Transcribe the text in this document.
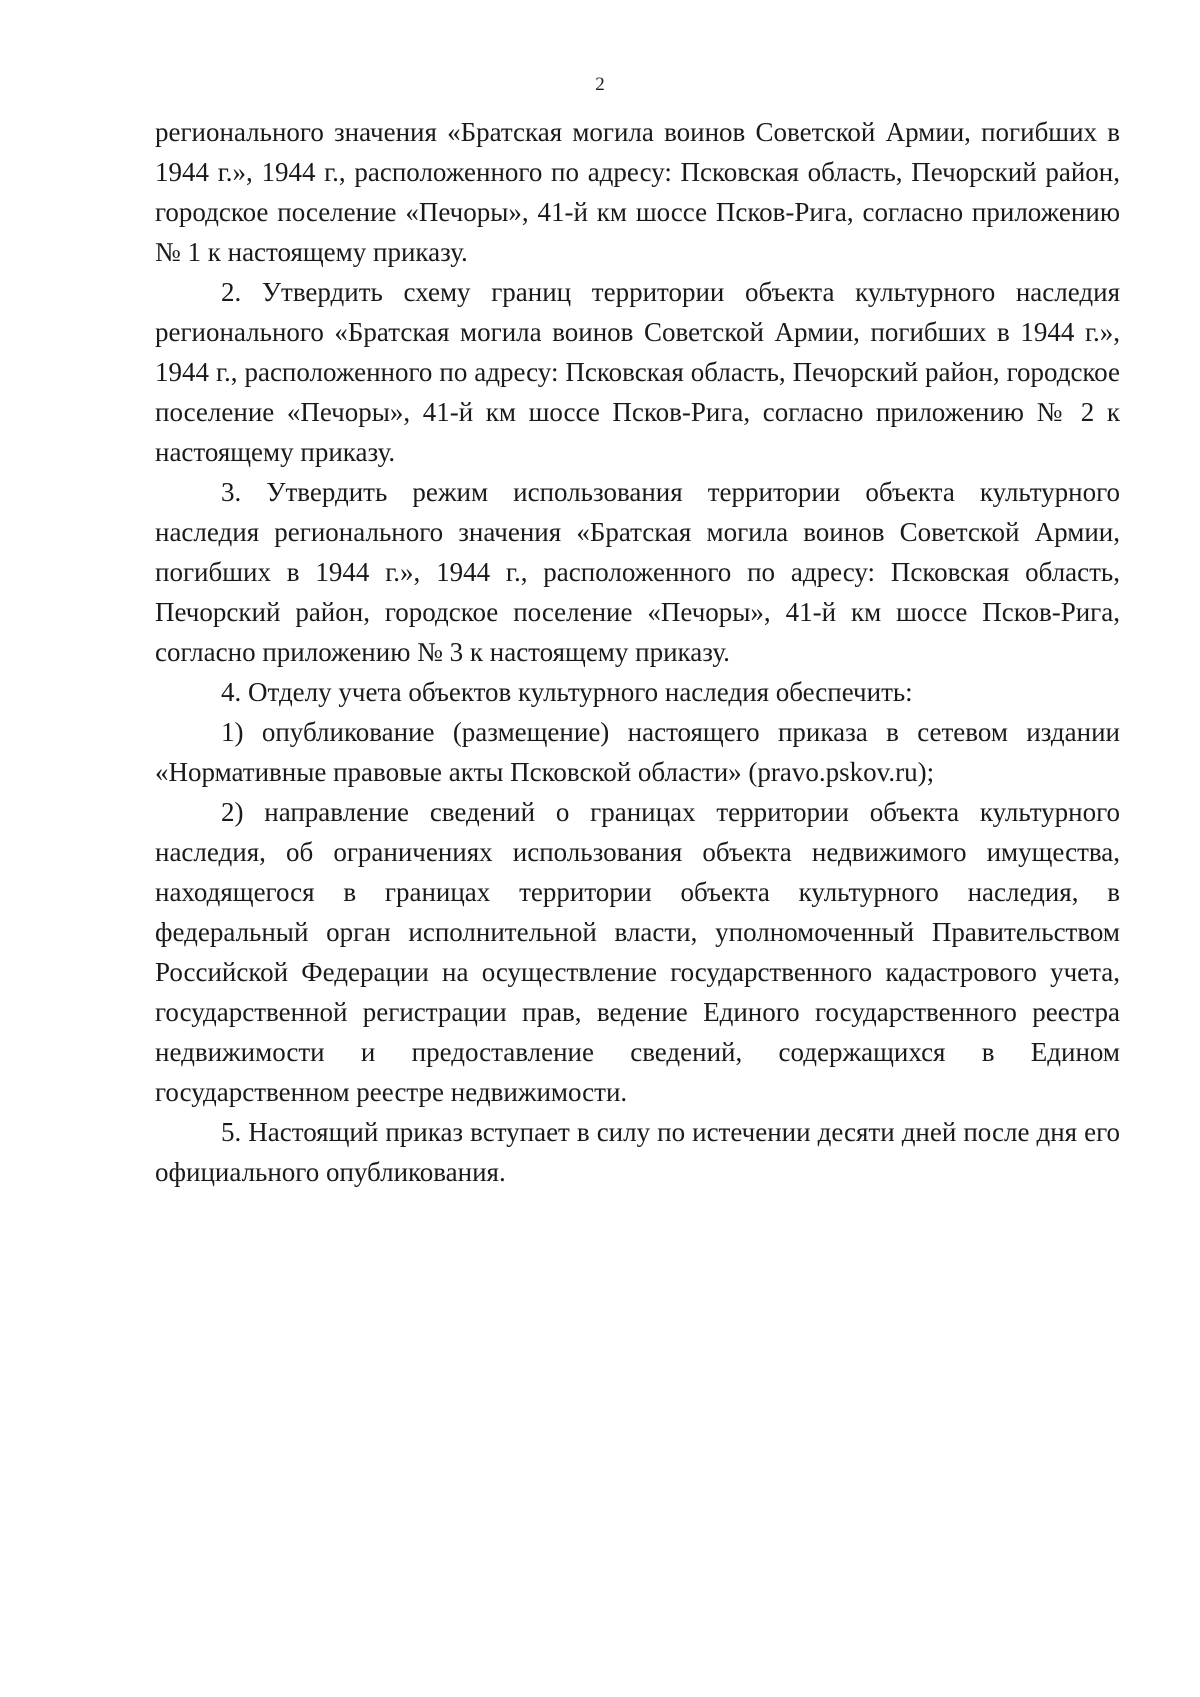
2

регионального значения «Братская могила воинов Советской Армии, погибших в 1944 г.», 1944 г., расположенного по адресу: Псковская область, Печорский район, городское поселение «Печоры», 41-й км шоссе Псков-Рига, согласно приложению № 1 к настоящему приказу.

2. Утвердить схему границ территории объекта культурного наследия регионального «Братская могила воинов Советской Армии, погибших в 1944 г.», 1944 г., расположенного по адресу: Псковская область, Печорский район, городское поселение «Печоры», 41-й км шоссе Псков-Рига, согласно приложению № 2 к настоящему приказу.

3. Утвердить режим использования территории объекта культурного наследия регионального значения «Братская могила воинов Советской Армии, погибших в 1944 г.», 1944 г., расположенного по адресу: Псковская область, Печорский район, городское поселение «Печоры», 41-й км шоссе Псков-Рига, согласно приложению № 3 к настоящему приказу.

4. Отделу учета объектов культурного наследия обеспечить:

1) опубликование (размещение) настоящего приказа в сетевом издании «Нормативные правовые акты Псковской области» (pravo.pskov.ru);

2) направление сведений о границах территории объекта культурного наследия, об ограничениях использования объекта недвижимого имущества, находящегося в границах территории объекта культурного наследия, в федеральный орган исполнительной власти, уполномоченный Правительством Российской Федерации на осуществление государственного кадастрового учета, государственной регистрации прав, ведение Единого государственного реестра недвижимости и предоставление сведений, содержащихся в Едином государственном реестре недвижимости.

5. Настоящий приказ вступает в силу по истечении десяти дней после дня его официального опубликования.
